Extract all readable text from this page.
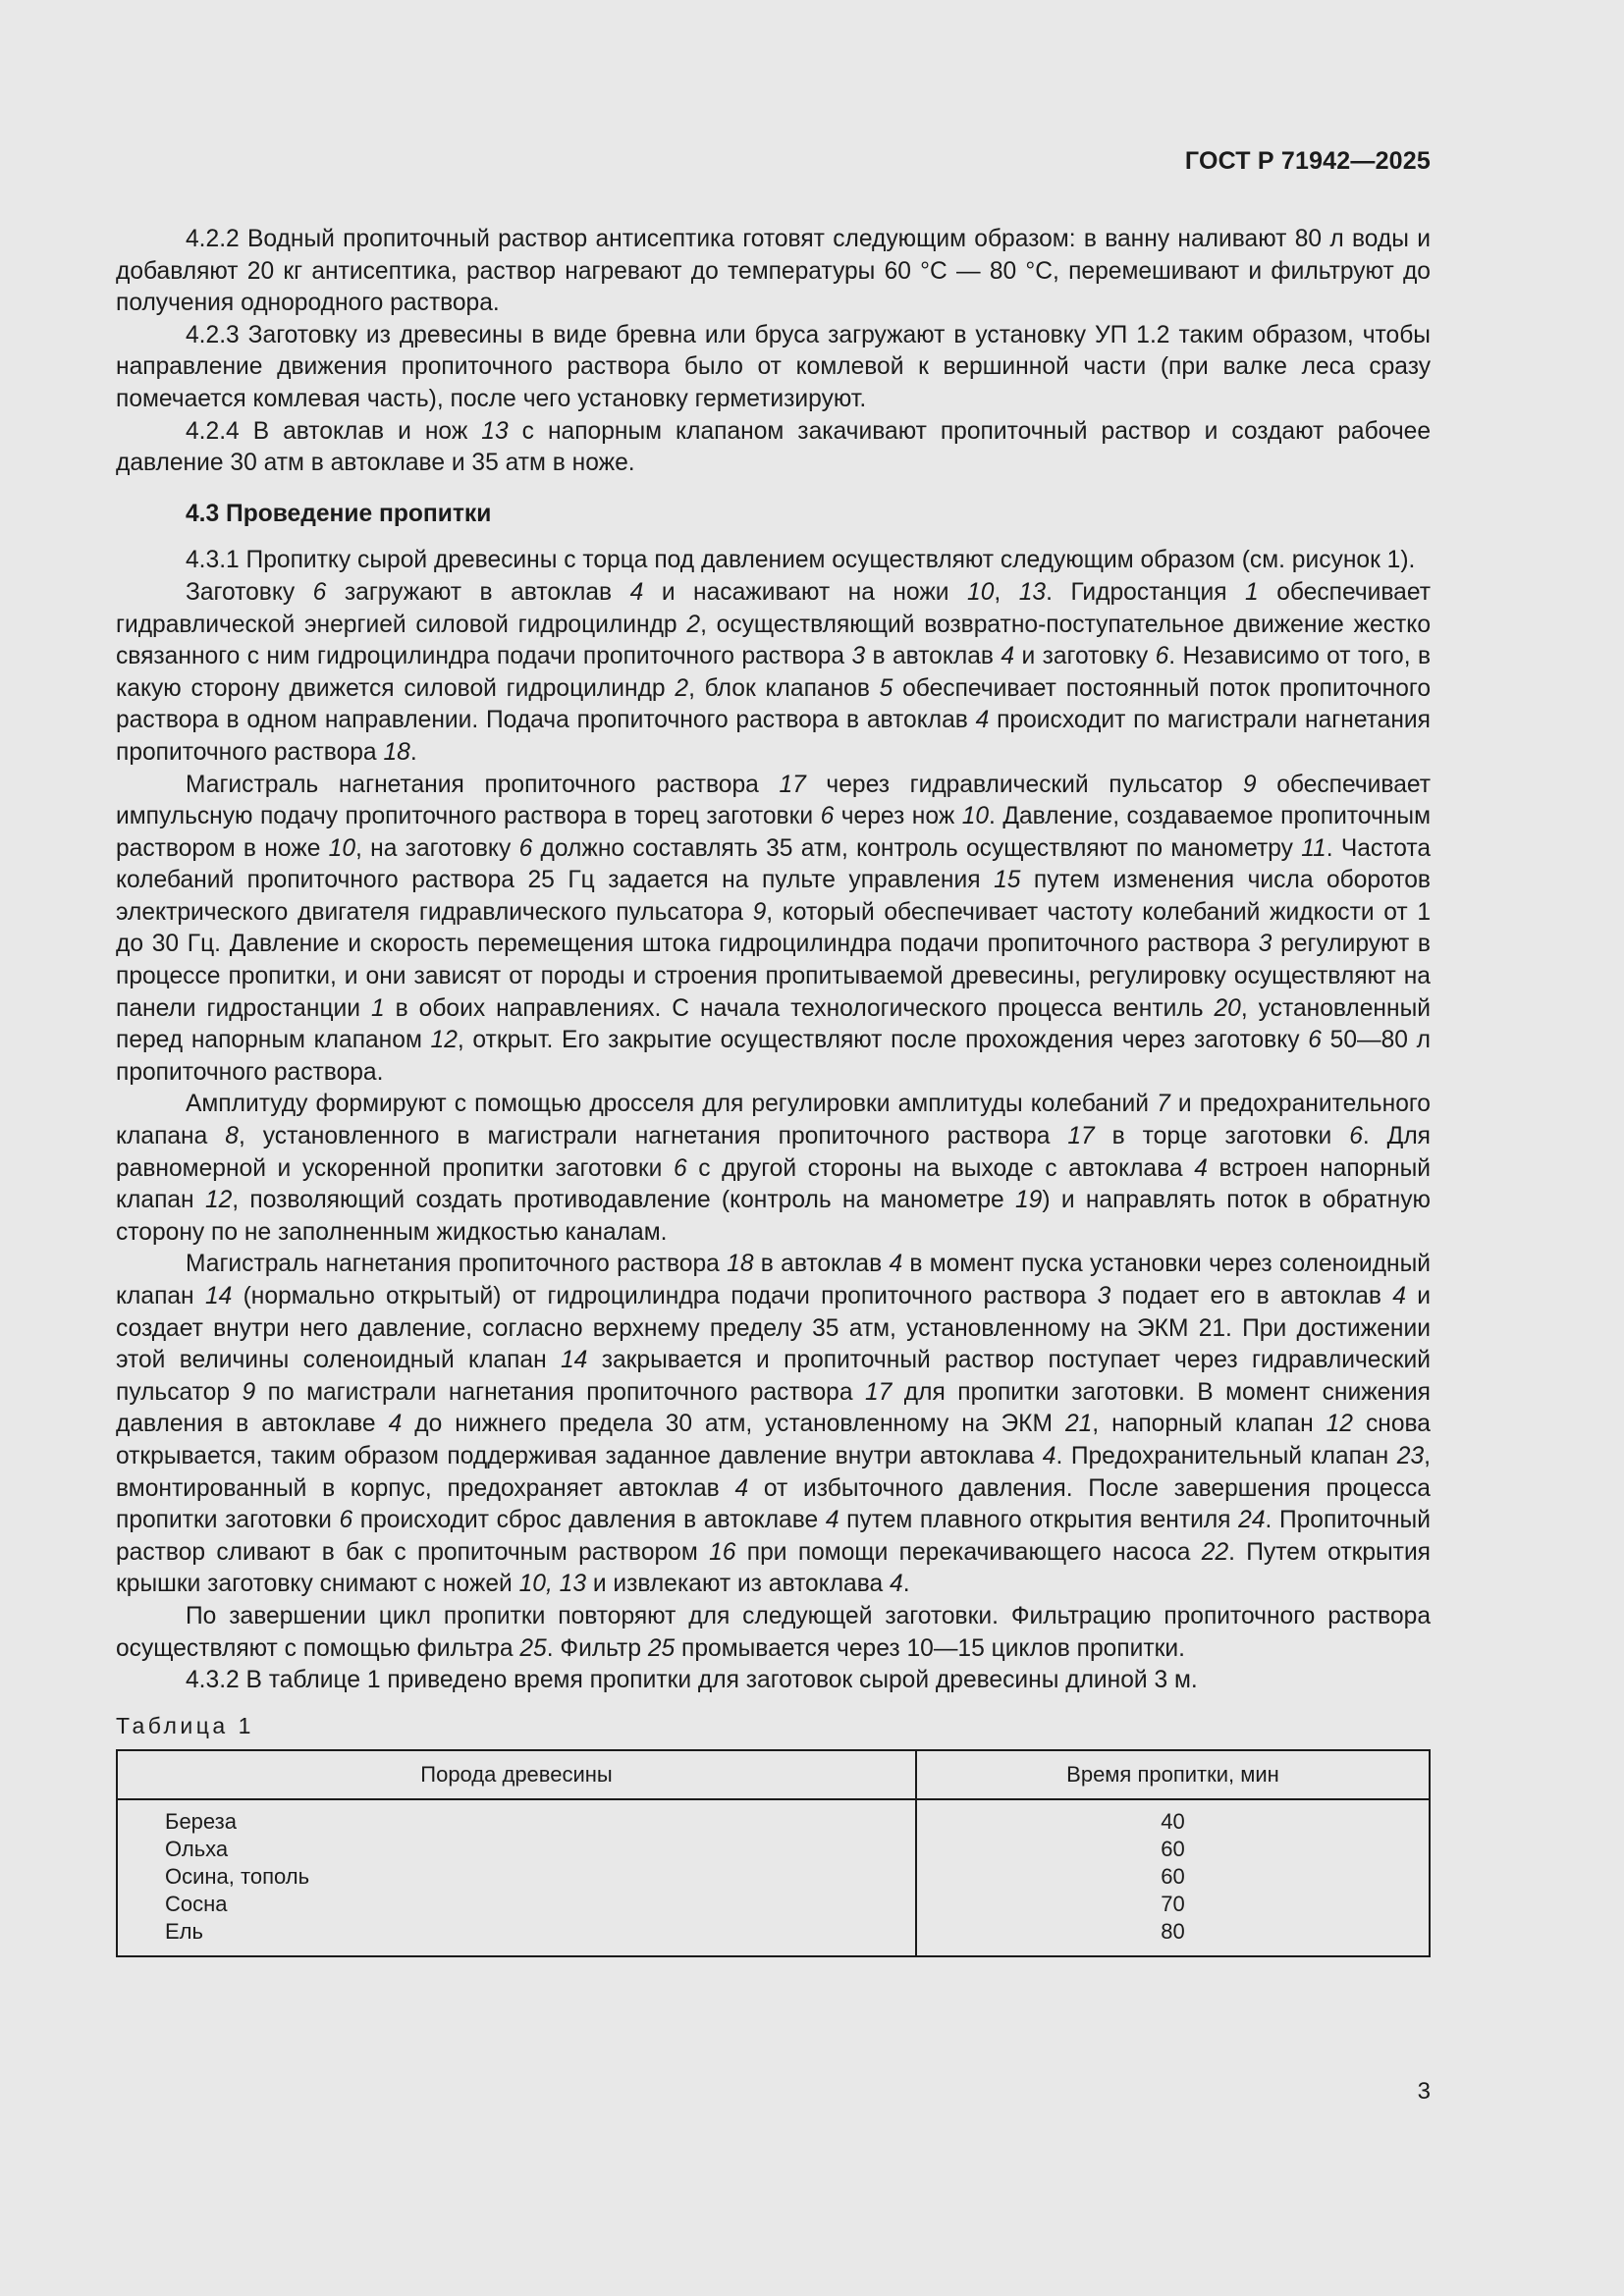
ГОСТ Р 71942—2025

4.2.2 Водный пропиточный раствор антисептика готовят следующим образом: в ванну наливают 80 л воды и добавляют 20 кг антисептика, раствор нагревают до температуры 60 °С — 80 °С, перемешивают и фильтруют до получения однородного раствора.

4.2.3 Заготовку из древесины в виде бревна или бруса загружают в установку УП 1.2 таким образом, чтобы направление движения пропиточного раствора было от комлевой к вершинной части (при валке леса сразу помечается комлевая часть), после чего установку герметизируют.

4.2.4 В автоклав и нож 13 с напорным клапаном закачивают пропиточный раствор и создают рабочее давление 30 атм в автоклаве и 35 атм в ноже.

4.3 Проведение пропитки

4.3.1 Пропитку сырой древесины с торца под давлением осуществляют следующим образом (см. рисунок 1).

Заготовку 6 загружают в автоклав 4 и насаживают на ножи 10, 13. Гидростанция 1 обеспечивает гидравлической энергией силовой гидроцилиндр 2, осуществляющий возвратно-поступательное движение жестко связанного с ним гидроцилиндра подачи пропиточного раствора 3 в автоклав 4 и заготовку 6. Независимо от того, в какую сторону движется силовой гидроцилиндр 2, блок клапанов 5 обеспечивает постоянный поток пропиточного раствора в одном направлении. Подача пропиточного раствора в автоклав 4 происходит по магистрали нагнетания пропиточного раствора 18.

Магистраль нагнетания пропиточного раствора 17 через гидравлический пульсатор 9 обеспечивает импульсную подачу пропиточного раствора в торец заготовки 6 через нож 10. Давление, создаваемое пропиточным раствором в ноже 10, на заготовку 6 должно составлять 35 атм, контроль осуществляют по манометру 11. Частота колебаний пропиточного раствора 25 Гц задается на пульте управления 15 путем изменения числа оборотов электрического двигателя гидравлического пульсатора 9, который обеспечивает частоту колебаний жидкости от 1 до 30 Гц. Давление и скорость перемещения штока гидроцилиндра подачи пропиточного раствора 3 регулируют в процессе пропитки, и они зависят от породы и строения пропитываемой древесины, регулировку осуществляют на панели гидростанции 1 в обоих направлениях. С начала технологического процесса вентиль 20, установленный перед напорным клапаном 12, открыт. Его закрытие осуществляют после прохождения через заготовку 6 50—80 л пропиточного раствора.

Амплитуду формируют с помощью дросселя для регулировки амплитуды колебаний 7 и предохранительного клапана 8, установленного в магистрали нагнетания пропиточного раствора 17 в торце заготовки 6. Для равномерной и ускоренной пропитки заготовки 6 с другой стороны на выходе с автоклава 4 встроен напорный клапан 12, позволяющий создать противодавление (контроль на манометре 19) и направлять поток в обратную сторону по не заполненным жидкостью каналам.

Магистраль нагнетания пропиточного раствора 18 в автоклав 4 в момент пуска установки через соленоидный клапан 14 (нормально открытый) от гидроцилиндра подачи пропиточного раствора 3 подает его в автоклав 4 и создает внутри него давление, согласно верхнему пределу 35 атм, установленному на ЭКМ 21. При достижении этой величины соленоидный клапан 14 закрывается и пропиточный раствор поступает через гидравлический пульсатор 9 по магистрали нагнетания пропиточного раствора 17 для пропитки заготовки. В момент снижения давления в автоклаве 4 до нижнего предела 30 атм, установленному на ЭКМ 21, напорный клапан 12 снова открывается, таким образом поддерживая заданное давление внутри автоклава 4. Предохранительный клапан 23, вмонтированный в корпус, предохраняет автоклав 4 от избыточного давления. После завершения процесса пропитки заготовки 6 происходит сброс давления в автоклаве 4 путем плавного открытия вентиля 24. Пропиточный раствор сливают в бак с пропиточным раствором 16 при помощи перекачивающего насоса 22. Путем открытия крышки заготовку снимают с ножей 10, 13 и извлекают из автоклава 4.

По завершении цикл пропитки повторяют для следующей заготовки. Фильтрацию пропиточного раствора осуществляют с помощью фильтра 25. Фильтр 25 промывается через 10—15 циклов пропитки.

4.3.2 В таблице 1 приведено время пропитки для заготовок сырой древесины длиной 3 м.

Таблица 1
Порода древесины	Время пропитки, мин
Береза	40
Ольха	60
Осина, тополь	60
Сосна	70
Ель	80
3
